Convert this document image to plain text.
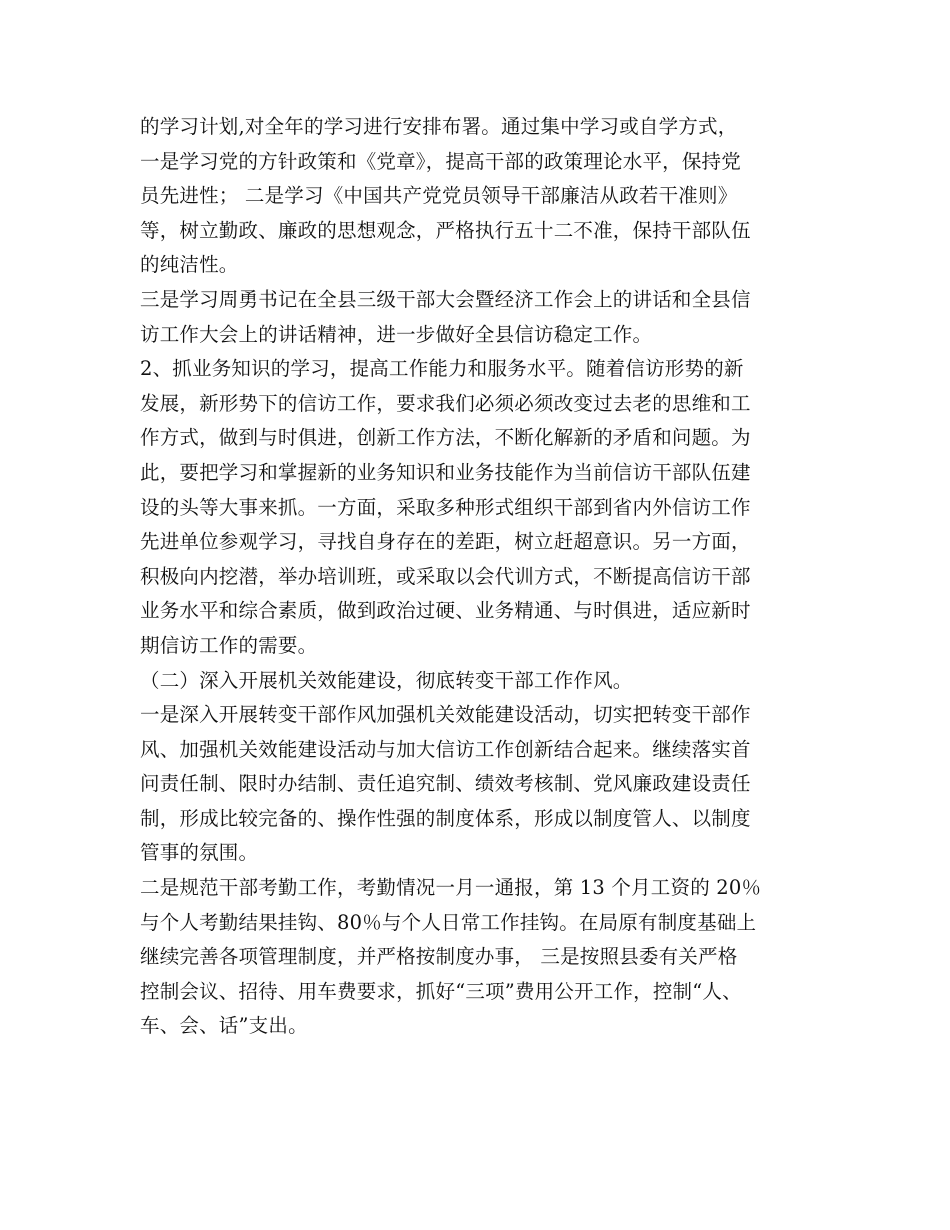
的学习计划,对全年的学习进行安排布署。通过集中学习或自学方式，
一是学习党的方针政策和《党章》，提高干部的政策理论水平，保持党
员先进性； 二是学习《中国共产党党员领导干部廉洁从政若干准则》
等，树立勤政、廉政的思想观念，严格执行五十二不准，保持干部队伍
的纯洁性。
三是学习周勇书记在全县三级干部大会暨经济工作会上的讲话和全县信
访工作大会上的讲话精神，进一步做好全县信访稳定工作。
2、抓业务知识的学习，提高工作能力和服务水平。随着信访形势的新
发展，新形势下的信访工作，要求我们必须必须改变过去老的思维和工
作方式，做到与时俱进，创新工作方法，不断化解新的矛盾和问题。为
此，要把学习和掌握新的业务知识和业务技能作为当前信访干部队伍建
设的头等大事来抓。一方面，采取多种形式组织干部到省内外信访工作
先进单位参观学习，寻找自身存在的差距，树立赶超意识。另一方面，
积极向内挖潜，举办培训班，或采取以会代训方式，不断提高信访干部
业务水平和综合素质，做到政治过硬、业务精通、与时俱进，适应新时
期信访工作的需要。
（二）深入开展机关效能建设，彻底转变干部工作作风。
一是深入开展转变干部作风加强机关效能建设活动，切实把转变干部作
风、加强机关效能建设活动与加大信访工作创新结合起来。继续落实首
问责任制、限时办结制、责任追究制、绩效考核制、党风廉政建设责任
制，形成比较完备的、操作性强的制度体系，形成以制度管人、以制度
管事的氛围。
二是规范干部考勤工作，考勤情况一月一通报，第 13 个月工资的 20％
与个人考勤结果挂钩、80％与个人日常工作挂钩。在局原有制度基础上
继续完善各项管理制度，并严格按制度办事， 三是按照县委有关严格
控制会议、招待、用车费要求，抓好“三项”费用公开工作，控制“人、
车、会、话”支出。
